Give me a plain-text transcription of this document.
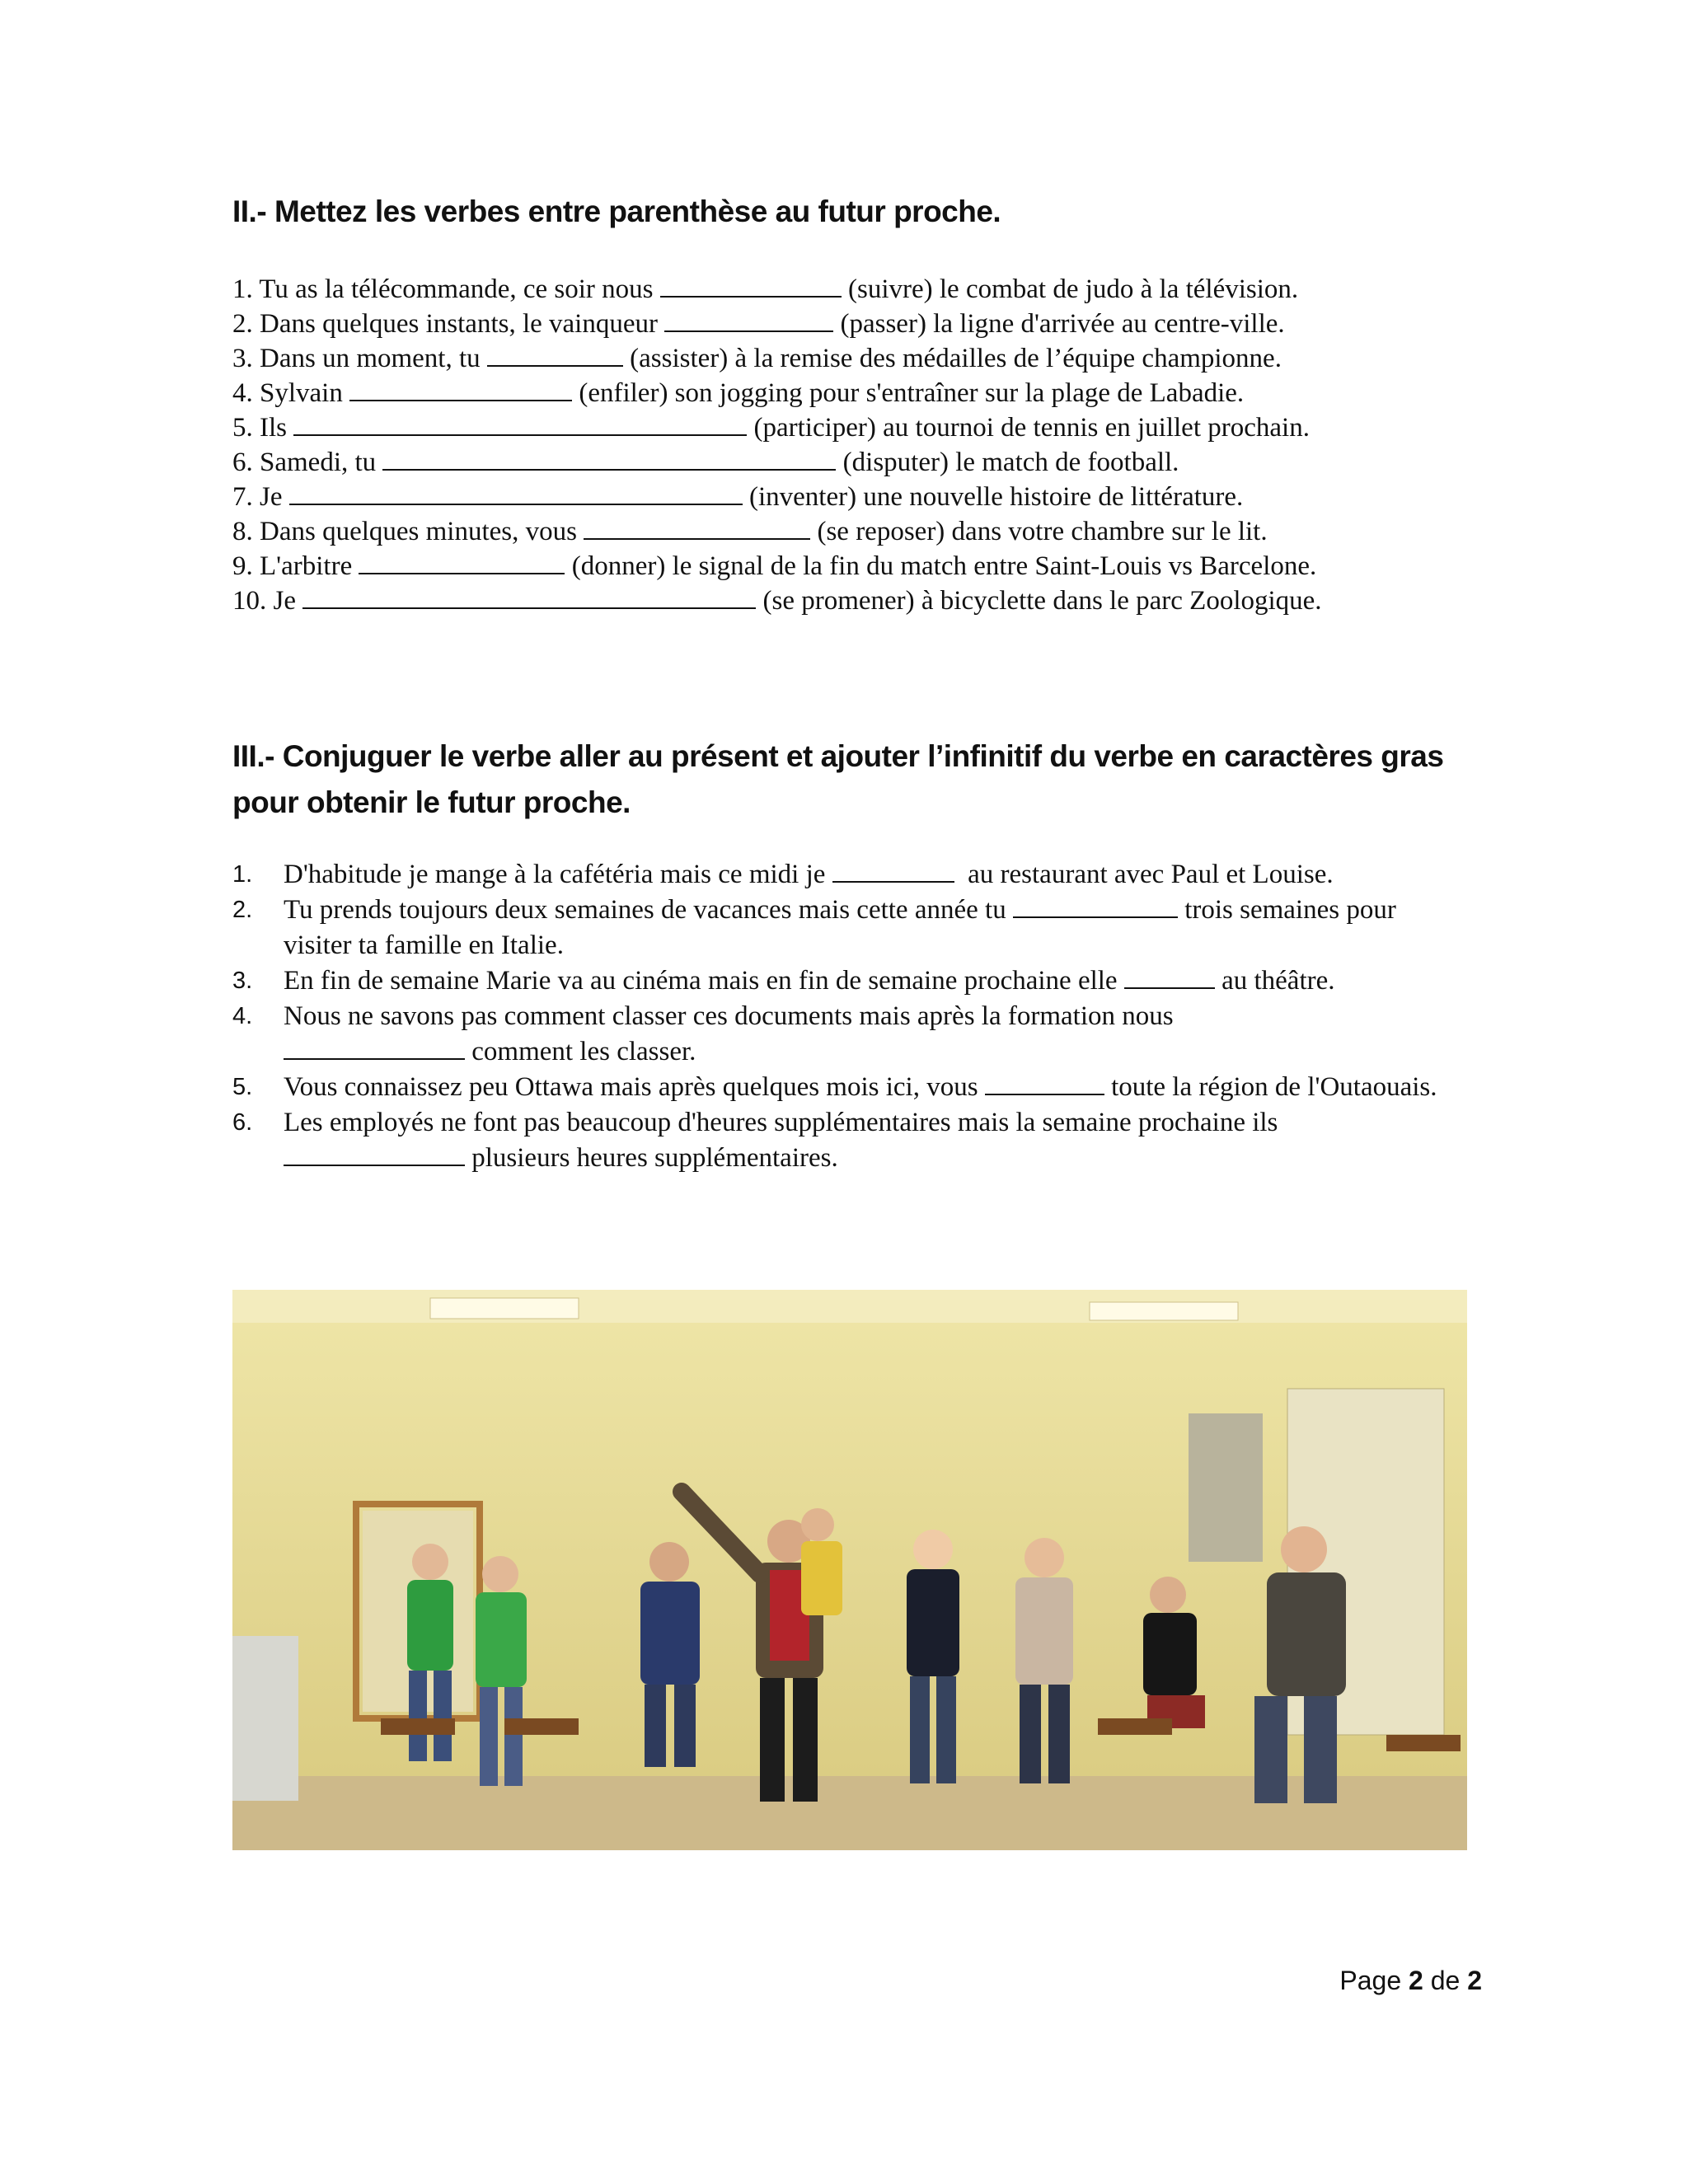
II.- Mettez les verbes entre parenthèse au futur proche.
1. Tu as la télécommande, ce soir nous	(suivre) le combat de judo à la télévision.
2. Dans quelques instants, le vainqueur	(passer) la ligne d'arrivée au centre-ville.
3. Dans un moment, tu	(assister) à la remise des médailles de l’équipe championne.
4. Sylvain	(enfiler) son jogging pour s'entraîner sur la plage de Labadie.
5. Ils	(participer) au tournoi de tennis en juillet prochain.
6. Samedi, tu	(disputer) le match de football.
7. Je	(inventer) une nouvelle histoire de littérature.
8. Dans quelques minutes, vous	(se reposer) dans votre chambre sur le lit.
9. L'arbitre	(donner) le signal de la fin du match entre Saint-Louis vs Barcelone.
10. Je	(se promener) à bicyclette dans le parc Zoologique.
III.- Conjuguer le verbe aller au présent et ajouter l’infinitif du verbe en caractères gras pour obtenir le futur proche.
1. D'habitude je mange à la cafétéria mais ce midi je	au restaurant avec Paul et Louise.
2. Tu prends toujours deux semaines de vacances mais cette année tu	trois semaines pour visiter ta famille en Italie.
3. En fin de semaine Marie va au cinéma mais en fin de semaine prochaine elle	au théâtre.
4. Nous ne savons pas comment classer ces documents mais après la formation nous
comment les classer.
5. Vous connaissez peu Ottawa mais après quelques mois ici, vous	toute la région de l'Outaouais.
6. Les employés ne font pas beaucoup d'heures supplémentaires mais la semaine prochaine ils
plusieurs heures supplémentaires.
Page 2 de 2
